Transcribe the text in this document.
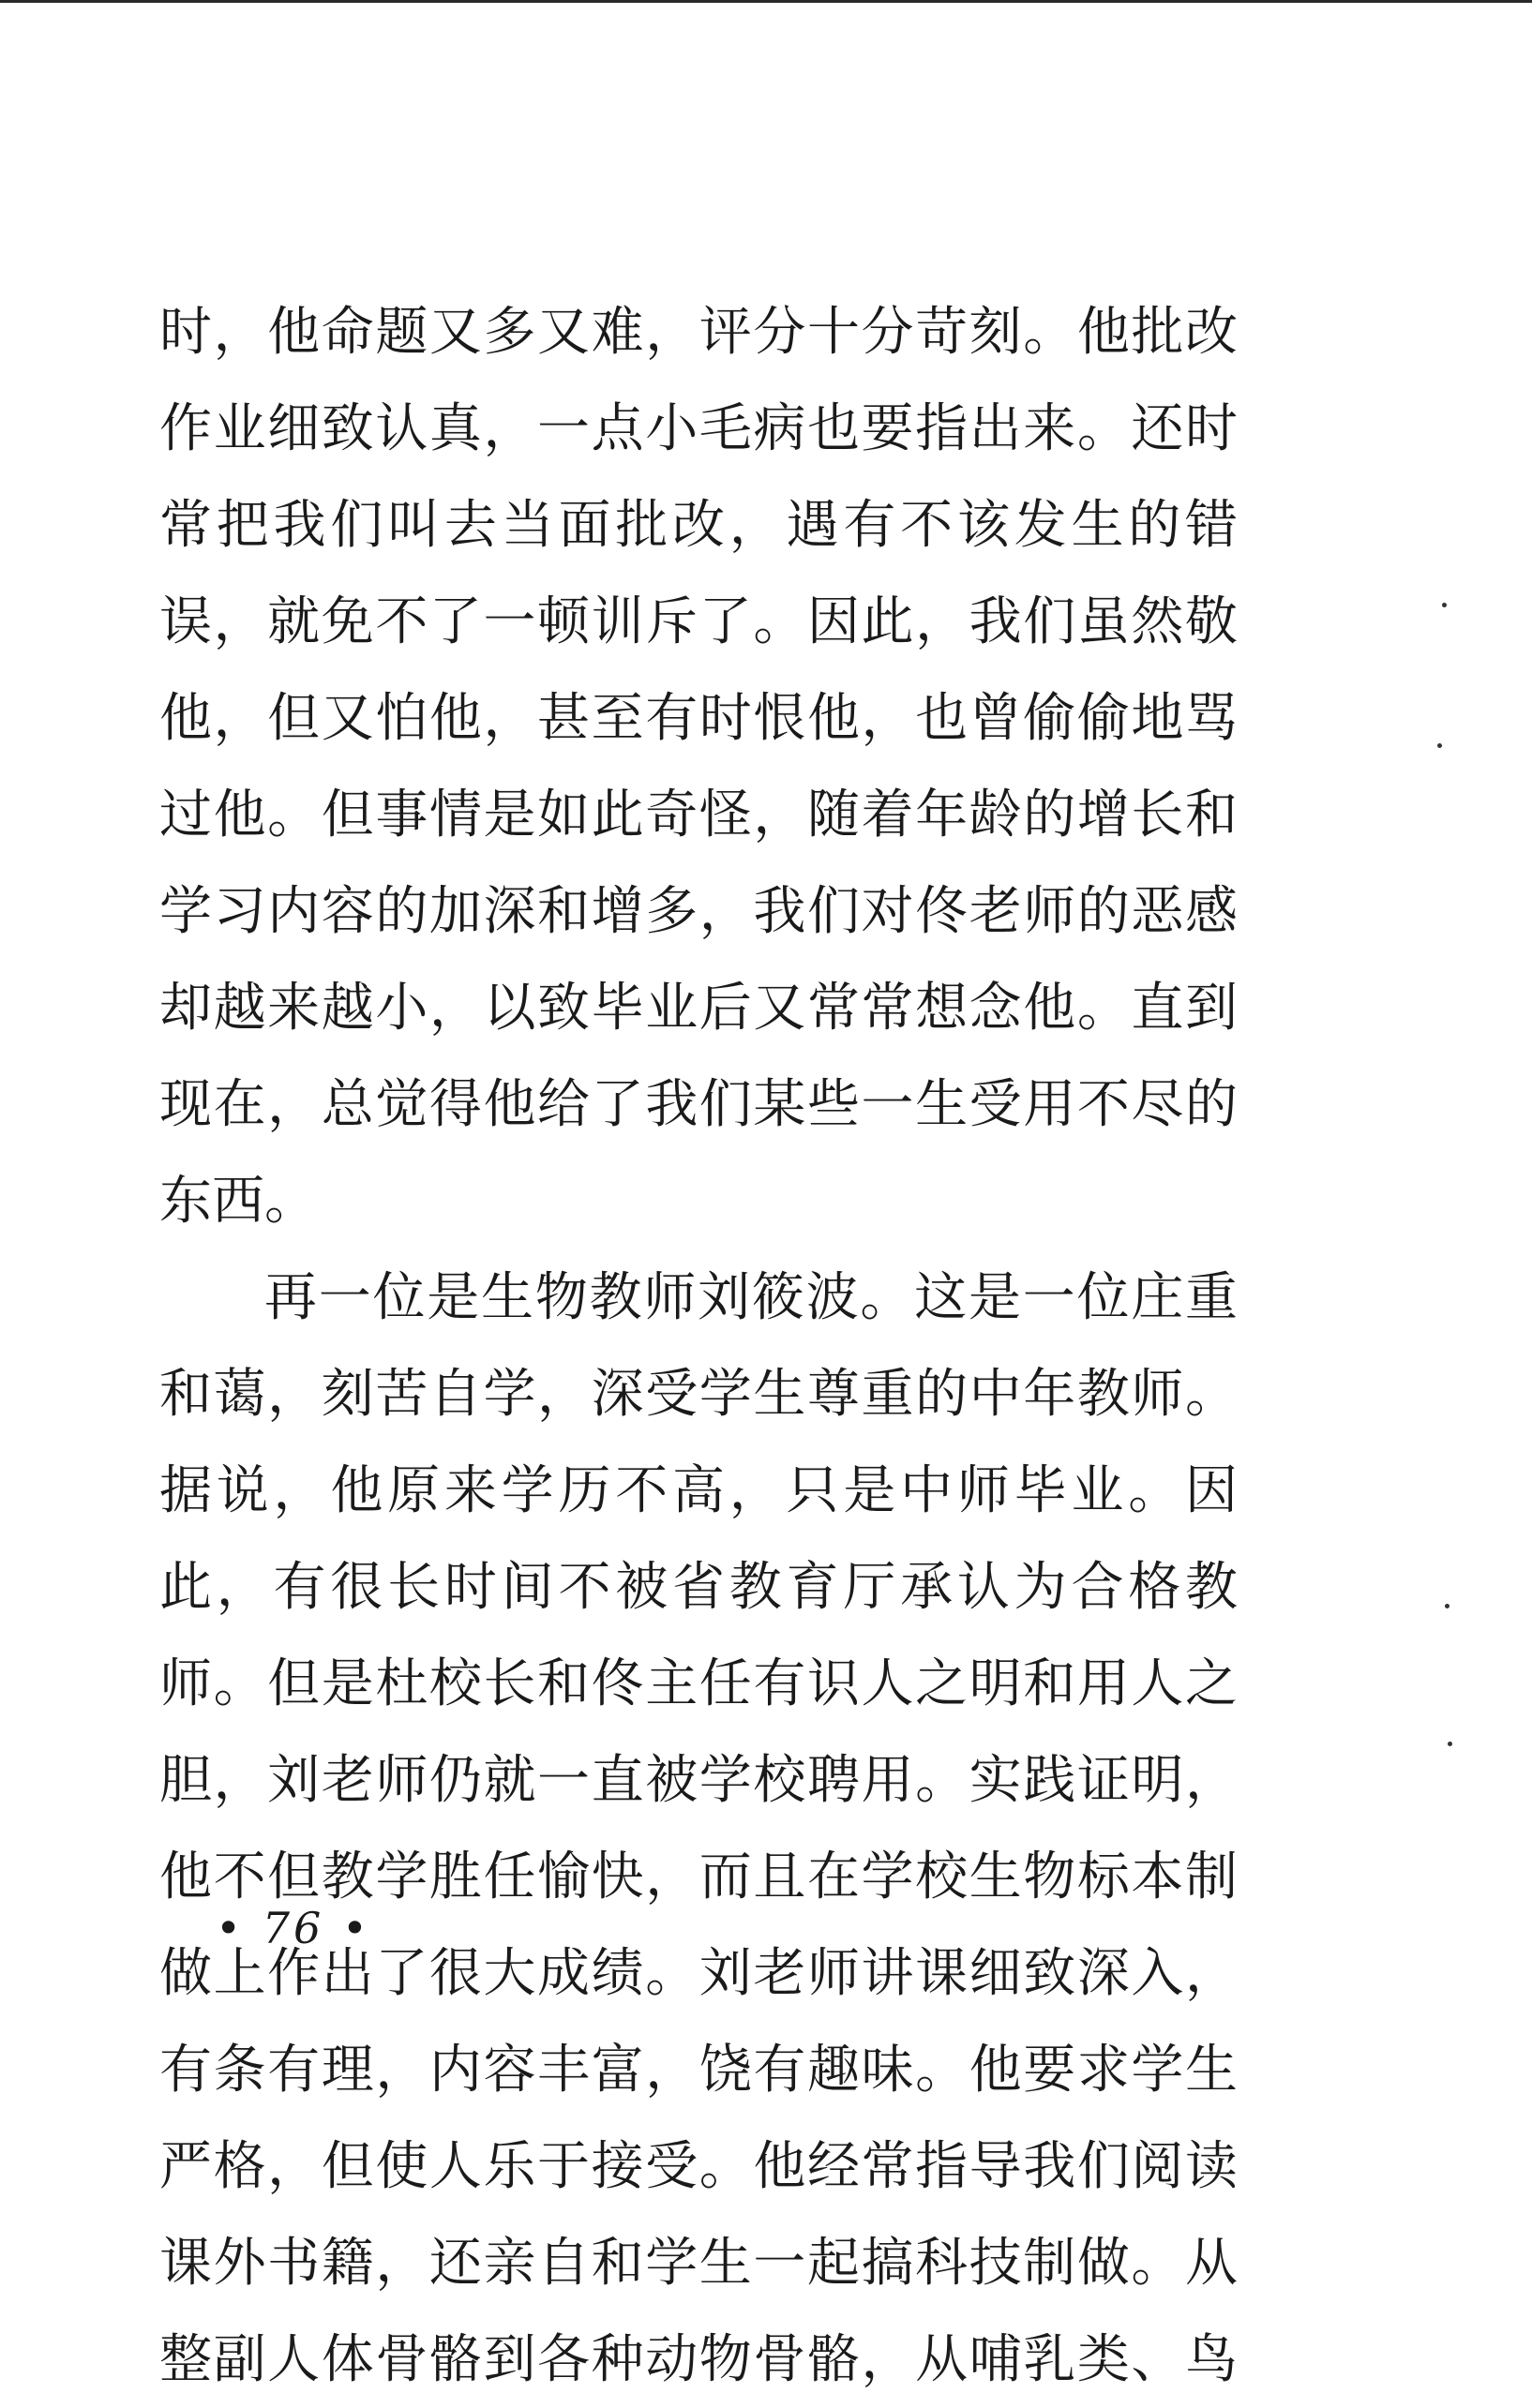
时，他命题又多又难，评分十分苛刻。他批改
作业细致认真，一点小毛病也要指出来。还时
常把我们叫去当面批改，遇有不该发生的错
误，就免不了一顿训斥了。因此，我们虽然敬
他，但又怕他，甚至有时恨他，也曾偷偷地骂
过他。但事情是如此奇怪，随着年龄的增长和
学习内容的加深和增多，我们对佟老师的恶感
却越来越小，以致毕业后又常常想念他。直到
现在，总觉得他给了我们某些一生受用不尽的
东西。
再一位是生物教师刘筱波。这是一位庄重
和蔼，刻苦自学，深受学生尊重的中年教师。
据说，他原来学历不高，只是中师毕业。因
此，有很长时间不被省教育厅承认为合格教
师。但是杜校长和佟主任有识人之明和用人之
胆，刘老师仍就一直被学校聘用。实践证明，
他不但教学胜任愉快，而且在学校生物标本制
做上作出了很大成绩。刘老师讲课细致深入，
有条有理，内容丰富，饶有趣味。他要求学生
严格，但使人乐于接受。他经常指导我们阅读
课外书籍，还亲自和学生一起搞科技制做。从
整副人体骨骼到各种动物骨骼，从哺乳类、鸟
• 76 •
